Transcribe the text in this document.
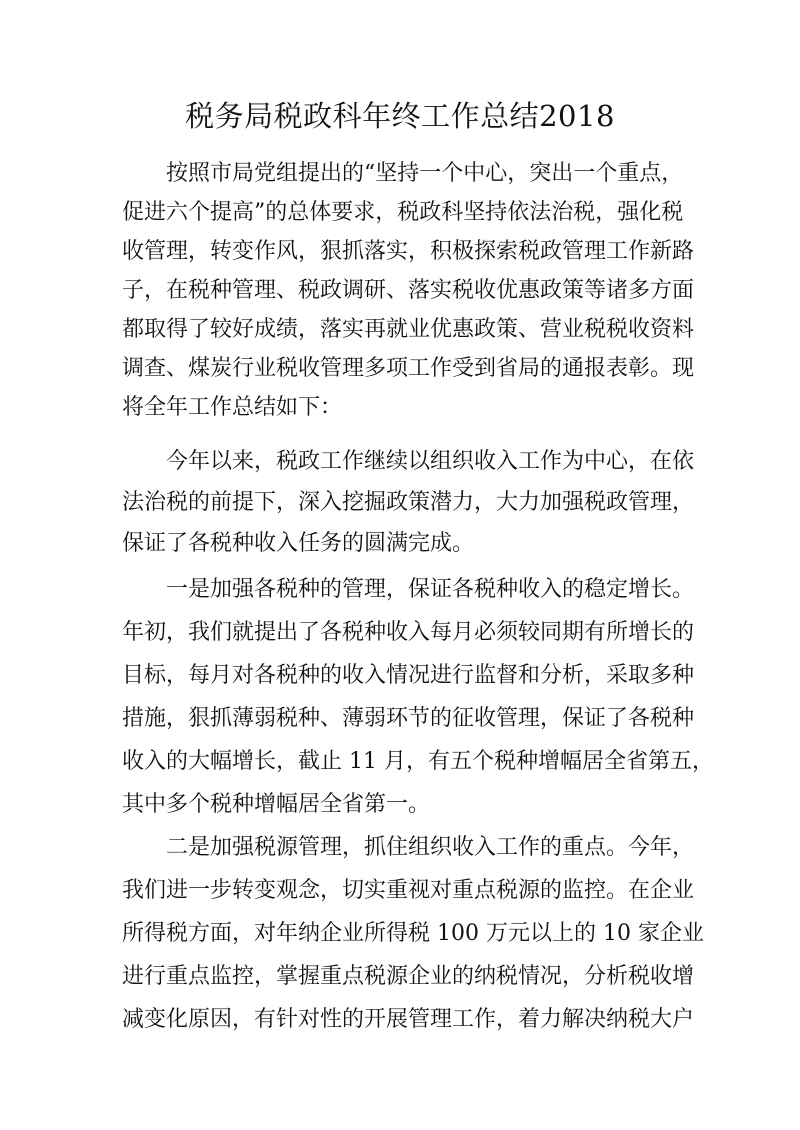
税务局税政科年终工作总结2018
按照市局党组提出的“坚持一个中心，突出一个重点，
促进六个提高”的总体要求，税政科坚持依法治税，强化税
收管理，转变作风，狠抓落实，积极探索税政管理工作新路
子，在税种管理、税政调研、落实税收优惠政策等诸多方面
都取得了较好成绩，落实再就业优惠政策、营业税税收资料
调查、煤炭行业税收管理多项工作受到省局的通报表彰。现
将全年工作总结如下：
今年以来，税政工作继续以组织收入工作为中心，在依
法治税的前提下，深入挖掘政策潜力，大力加强税政管理，
保证了各税种收入任务的圆满完成。
一是加强各税种的管理，保证各税种收入的稳定增长。
年初，我们就提出了各税种收入每月必须较同期有所增长的
目标，每月对各税种的收入情况进行监督和分析，采取多种
措施，狠抓薄弱税种、薄弱环节的征收管理，保证了各税种
收入的大幅增长，截止 11 月，有五个税种增幅居全省第五，
其中多个税种增幅居全省第一。
二是加强税源管理，抓住组织收入工作的重点。今年，
我们进一步转变观念，切实重视对重点税源的监控。在企业
所得税方面，对年纳企业所得税 100 万元以上的 10 家企业
进行重点监控，掌握重点税源企业的纳税情况，分析税收增
减变化原因，有针对性的开展管理工作，着力解决纳税大户
